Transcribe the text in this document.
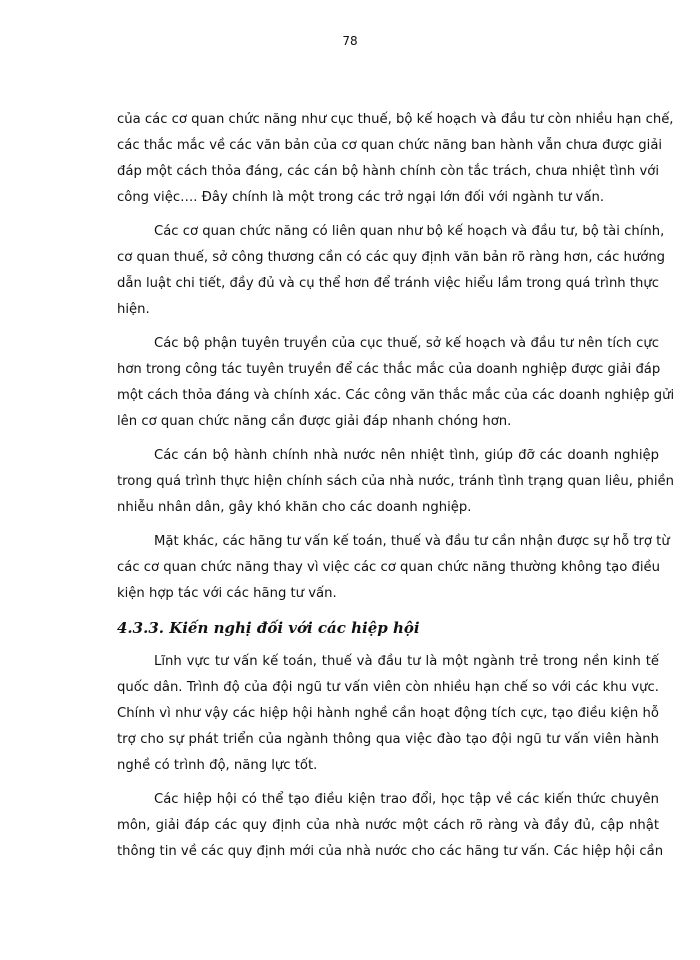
78
của các cơ quan chức năng như cục thuế, bộ kế hoạch và đầu tư còn nhiều hạn chế,
các thắc mắc về các văn bản của cơ quan chức năng ban hành vẫn chưa được giải
đáp một cách thỏa đáng, các cán bộ hành chính còn tắc trách, chưa nhiệt tình với
công việc…. Đây chính là một trong các trở ngại lớn đối với ngành tư vấn.
Các cơ quan chức năng có liên quan như bộ kế hoạch và đầu tư, bộ tài chính,
cơ quan thuế, sở công thương cần có các quy định văn bản rõ ràng hơn, các hướng
dẫn luật chi tiết, đầy đủ và cụ thể hơn để tránh việc hiểu lầm trong quá trình thực
hiện.
Các bộ phận tuyên truyền của cục thuế, sở kế hoạch và đầu tư nên tích cực
hơn trong công tác tuyên truyền để các thắc mắc của doanh nghiệp được giải đáp
một cách thỏa đáng và chính xác. Các công văn thắc mắc của các doanh nghiệp gửi
lên cơ quan chức năng cần được giải đáp nhanh chóng hơn.
Các cán bộ hành chính nhà nước nên nhiệt tình, giúp đỡ các doanh nghiệp
trong quá trình thực hiện chính sách của nhà nước, tránh tình trạng quan liêu, phiền
nhiễu nhân dân, gây khó khăn cho các doanh nghiệp.
Mặt khác, các hãng tư vấn kế toán, thuế và đầu tư cần nhận được sự hỗ trợ từ
các cơ quan chức năng thay vì việc các cơ quan chức năng thường không tạo điều
kiện hợp tác với các hãng tư vấn.
4.3.3. Kiến nghị đối với các hiệp hội
Lĩnh vực tư vấn kế toán, thuế và đầu tư là một ngành trẻ trong nền kinh tế
quốc dân. Trình độ của đội ngũ tư vấn viên còn nhiều hạn chế so với các khu vực.
Chính vì như vậy các hiệp hội hành nghề cần hoạt động tích cực, tạo điều kiện hỗ
trợ cho sự phát triển của ngành thông qua việc đào tạo đội ngũ tư vấn viên hành
nghề có trình độ, năng lực tốt.
Các hiệp hội có thể tạo điều kiện trao đổi, học tập về các kiến thức chuyên
môn, giải đáp các quy định của nhà nước một cách rõ ràng và đầy đủ, cập nhật
thông tin về các quy định mới của nhà nước cho các hãng tư vấn. Các hiệp hội cần
